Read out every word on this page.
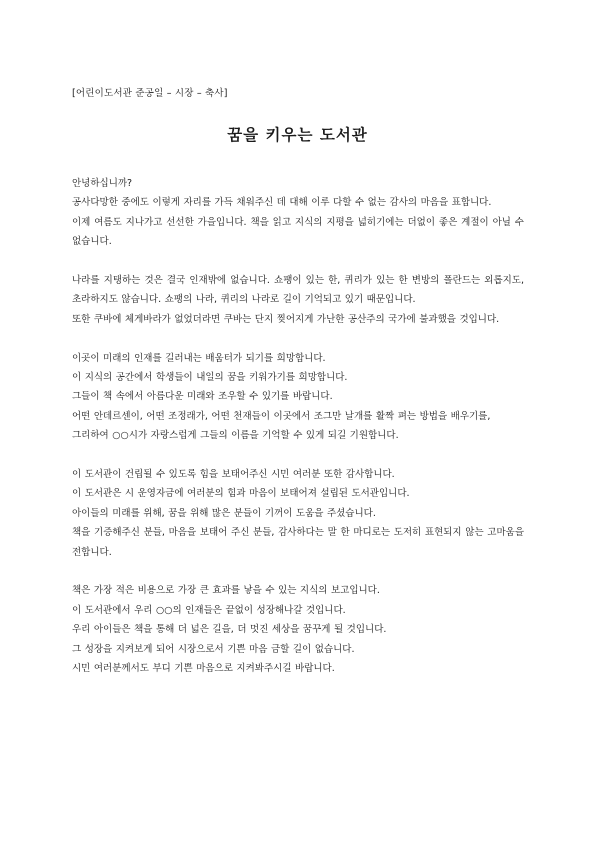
[어린이도서관 준공일 – 시장 – 축사]
꿈을 키우는 도서관
안녕하십니까?
공사다망한 중에도 이렇게 자리를 가득 채워주신 데 대해 이루 다할 수 없는 감사의 마음을 표합니다.
이제 여름도 지나가고 선선한 가을입니다. 책을 읽고 지식의 지평을 넓히기에는 더없이 좋은 계절이 아닐 수 없습니다.
나라를 지탱하는 것은 결국 인재밖에 없습니다. 쇼팽이 있는 한, 퀴리가 있는 한 변방의 폴란드는 외롭지도, 초라하지도 않습니다. 쇼팽의 나라, 퀴리의 나라로 길이 기억되고 있기 때문입니다.
또한 쿠바에 체게바라가 없었더라면 쿠바는 단지 찢어지게 가난한 공산주의 국가에 불과했을 것입니다.
이곳이 미래의 인재를 길러내는 배움터가 되기를 희망합니다.
이 지식의 공간에서 학생들이 내일의 꿈을 키워가기를 희망합니다.
그들이 책 속에서 아름다운 미래와 조우할 수 있기를 바랍니다.
어떤 안데르센이, 어떤 조정래가, 어떤 천재들이 이곳에서 조그만 날개를 활짝 펴는 방법을 배우기를,
그리하여 ○○시가 자랑스럽게 그들의 이름을 기억할 수 있게 되길 기원합니다.
이 도서관이 건립될 수 있도록 힘을 보태어주신 시민 여러분 또한 감사합니다.
이 도서관은 시 운영자금에 여러분의 힘과 마음이 보태어져 설립된 도서관입니다.
아이들의 미래를 위해, 꿈을 위해 많은 분들이 기꺼이 도움을 주셨습니다.
책을 기증해주신 분들, 마음을 보태어 주신 분들, 감사하다는 말 한 마디로는 도저히 표현되지 않는 고마움을 전합니다.
책은 가장 적은 비용으로 가장 큰 효과를 낳을 수 있는 지식의 보고입니다.
이 도서관에서 우리 ○○의 인재들은 끝없이 성장해나갈 것입니다.
우리 아이들은 책을 통해 더 넓은 길을, 더 멋진 세상을 꿈꾸게 될 것입니다.
그 성장을 지켜보게 되어 시장으로서 기쁜 마음 금할 길이 없습니다.
시민 여러분께서도 부디 기쁜 마음으로 지켜봐주시길 바랍니다.
